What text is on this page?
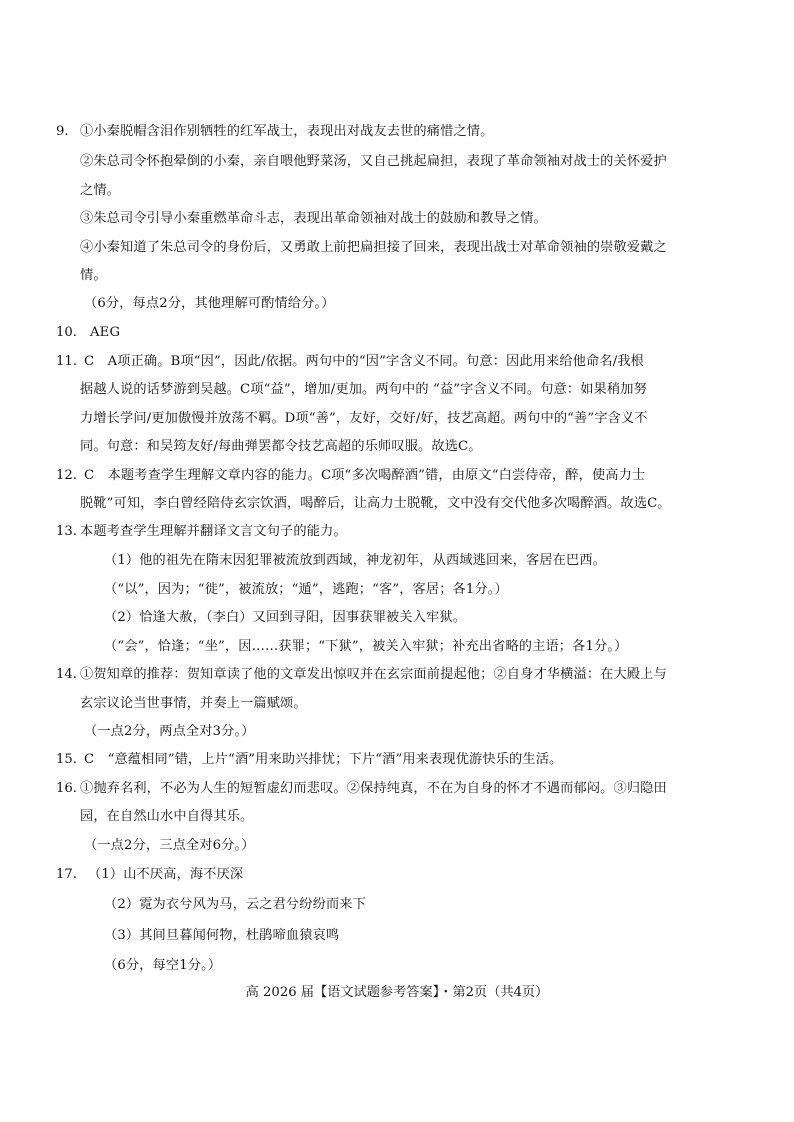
9. ①小秦脱帽含泪作别牺牲的红军战士，表现出对战友去世的痛惜之情。
②朱总司令怀抱晕倒的小秦，亲自喂他野菜汤，又自己挑起扁担，表现了革命领袖对战士的关怀爱护
之情。
③朱总司令引导小秦重燃革命斗志，表现出革命领袖对战士的鼓励和教导之情。
④小秦知道了朱总司令的身份后，又勇敢上前把扁担接了回来，表现出战士对革命领袖的崇敬爱戴之
情。
（6分，每点2分，其他理解可酌情给分。）
10. AEG
11. C　A项正确。B项“因”，因此/依据。两句中的“因”字含义不同。句意：因此用来给他命名/我根
据越人说的话梦游到吴越。C项“益”，增加/更加。两句中的 “益”字含义不同。句意：如果稍加努
力增长学问/更加傲慢并放荡不羁。D项“善”，友好，交好/好，技艺高超。两句中的“善”字含义不
同。句意：和吴筠友好/每曲弹罢都令技艺高超的乐师叹服。故选C。
12. C　本题考查学生理解文章内容的能力。C项“多次喝醉酒”错，由原文“白尝侍帝，醉，使高力士
脱靴”可知，李白曾经陪侍玄宗饮酒，喝醉后，让高力士脱靴，文中没有交代他多次喝醉酒。故选C。
13. 本题考查学生理解并翻译文言文句子的能力。
（1）他的祖先在隋末因犯罪被流放到西域，神龙初年，从西域逃回来，客居在巴西。
（“以”，因为；“徙”，被流放；“遁”，逃跑；“客”，客居；各1分。）
（2）恰逢大赦，（李白）又回到寻阳，因事获罪被关入牢狱。
（“会”，恰逢；“坐”，因……获罪；“下狱”，被关入牢狱；补充出省略的主语；各1分。）
14. ①贺知章的推荐：贺知章读了他的文章发出惊叹并在玄宗面前提起他；②自身才华横溢：在大殿上与
玄宗议论当世事情，并奏上一篇赋颂。
（一点2分，两点全对3分。）
15. C　“意蕴相同”错，上片“酒”用来助兴排忧；下片“酒”用来表现优游快乐的生活。
16. ①抛弃名利，不必为人生的短暂虚幻而悲叹。②保持纯真，不在为自身的怀才不遇而郁闷。③归隐田
园，在自然山水中自得其乐。
（一点2分，三点全对6分。）
17. （1）山不厌高，海不厌深
（2）霓为衣兮风为马，云之君兮纷纷而来下
（3）其间旦暮闻何物，杜鹃啼血猿哀鸣
（6分，每空1分。）
高 2026 届【语文试题参考答案】・第2页（共4页）
